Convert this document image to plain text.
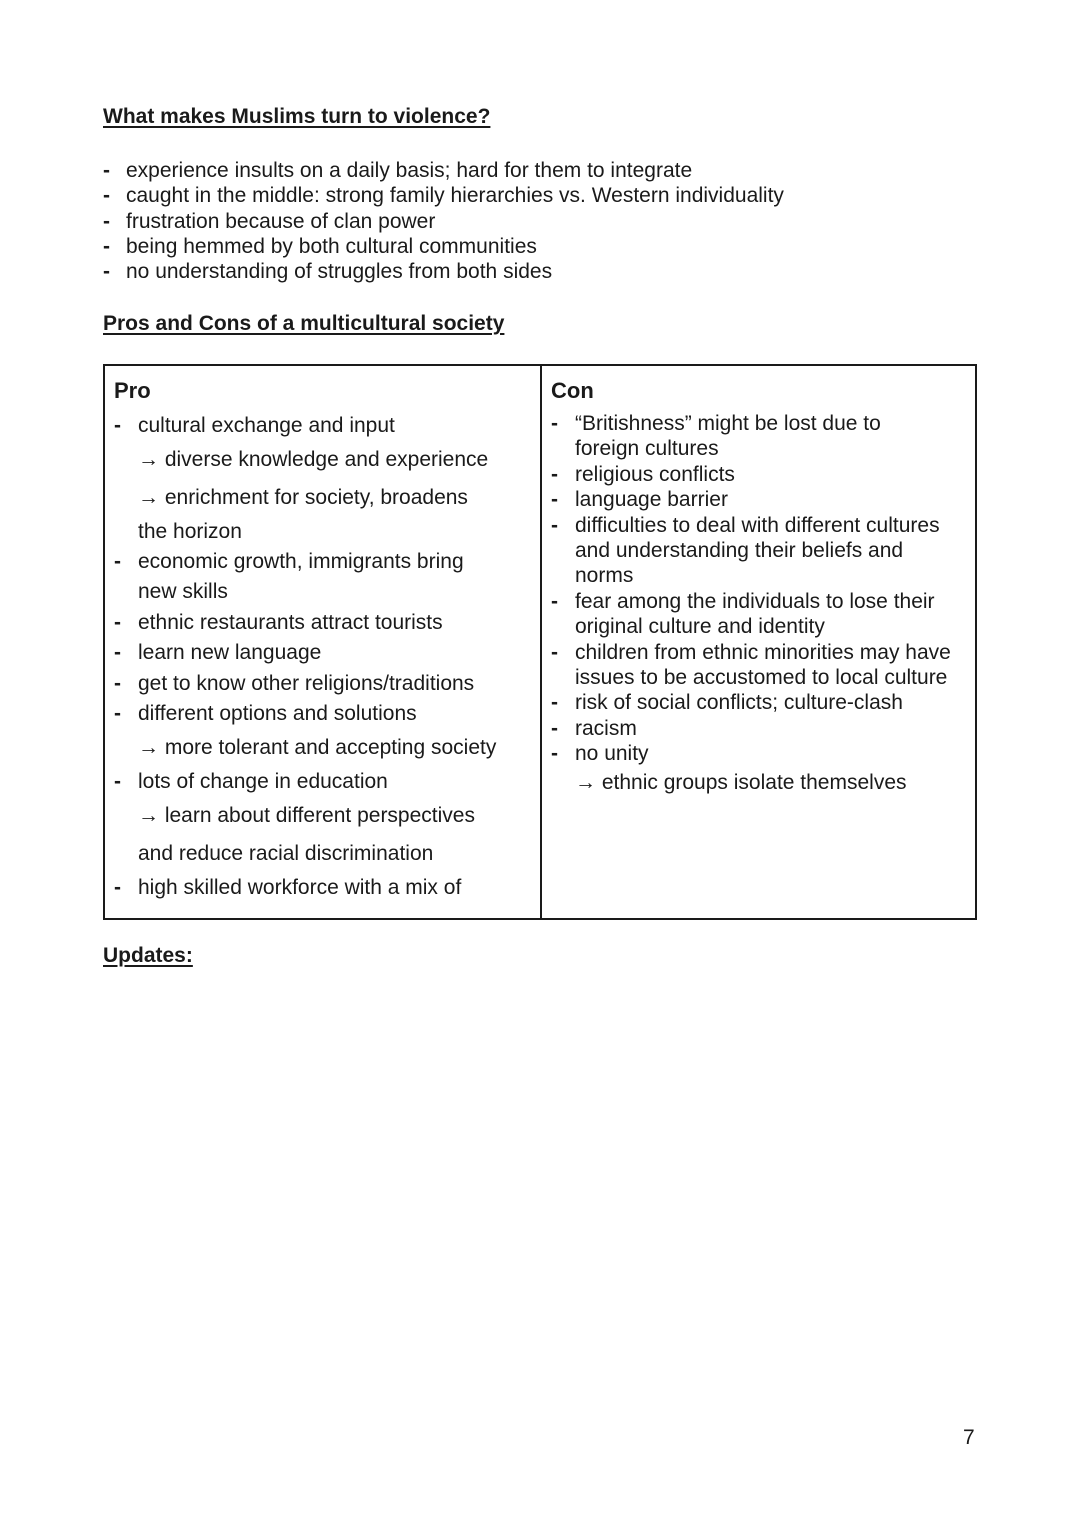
What makes Muslims turn to violence?
- experience insults on a daily basis; hard for them to integrate
- caught in the middle: strong family hierarchies vs. Western individuality
- frustration because of clan power
- being hemmed by both cultural communities
- no understanding of struggles from both sides
Pros and Cons of a multicultural society
Pro
- cultural exchange and input
→ diverse knowledge and experience
→ enrichment for society, broadens
the horizon
- economic growth, immigrants bring
new skills
- ethnic restaurants attract tourists
- learn new language
- get to know other religions/traditions
- different options and solutions
→ more tolerant and accepting society
- lots of change in education
→ learn about different perspectives
and reduce racial discrimination
- high skilled workforce with a mix of
Con
- “Britishness” might be lost due to
foreign cultures
- religious conflicts
- language barrier
- difficulties to deal with different cultures
and understanding their beliefs and
norms
- fear among the individuals to lose their
original culture and identity
- children from ethnic minorities may have
issues to be accustomed to local culture
- risk of social conflicts; culture-clash
- racism
- no unity
→ ethnic groups isolate themselves
Updates:
7
